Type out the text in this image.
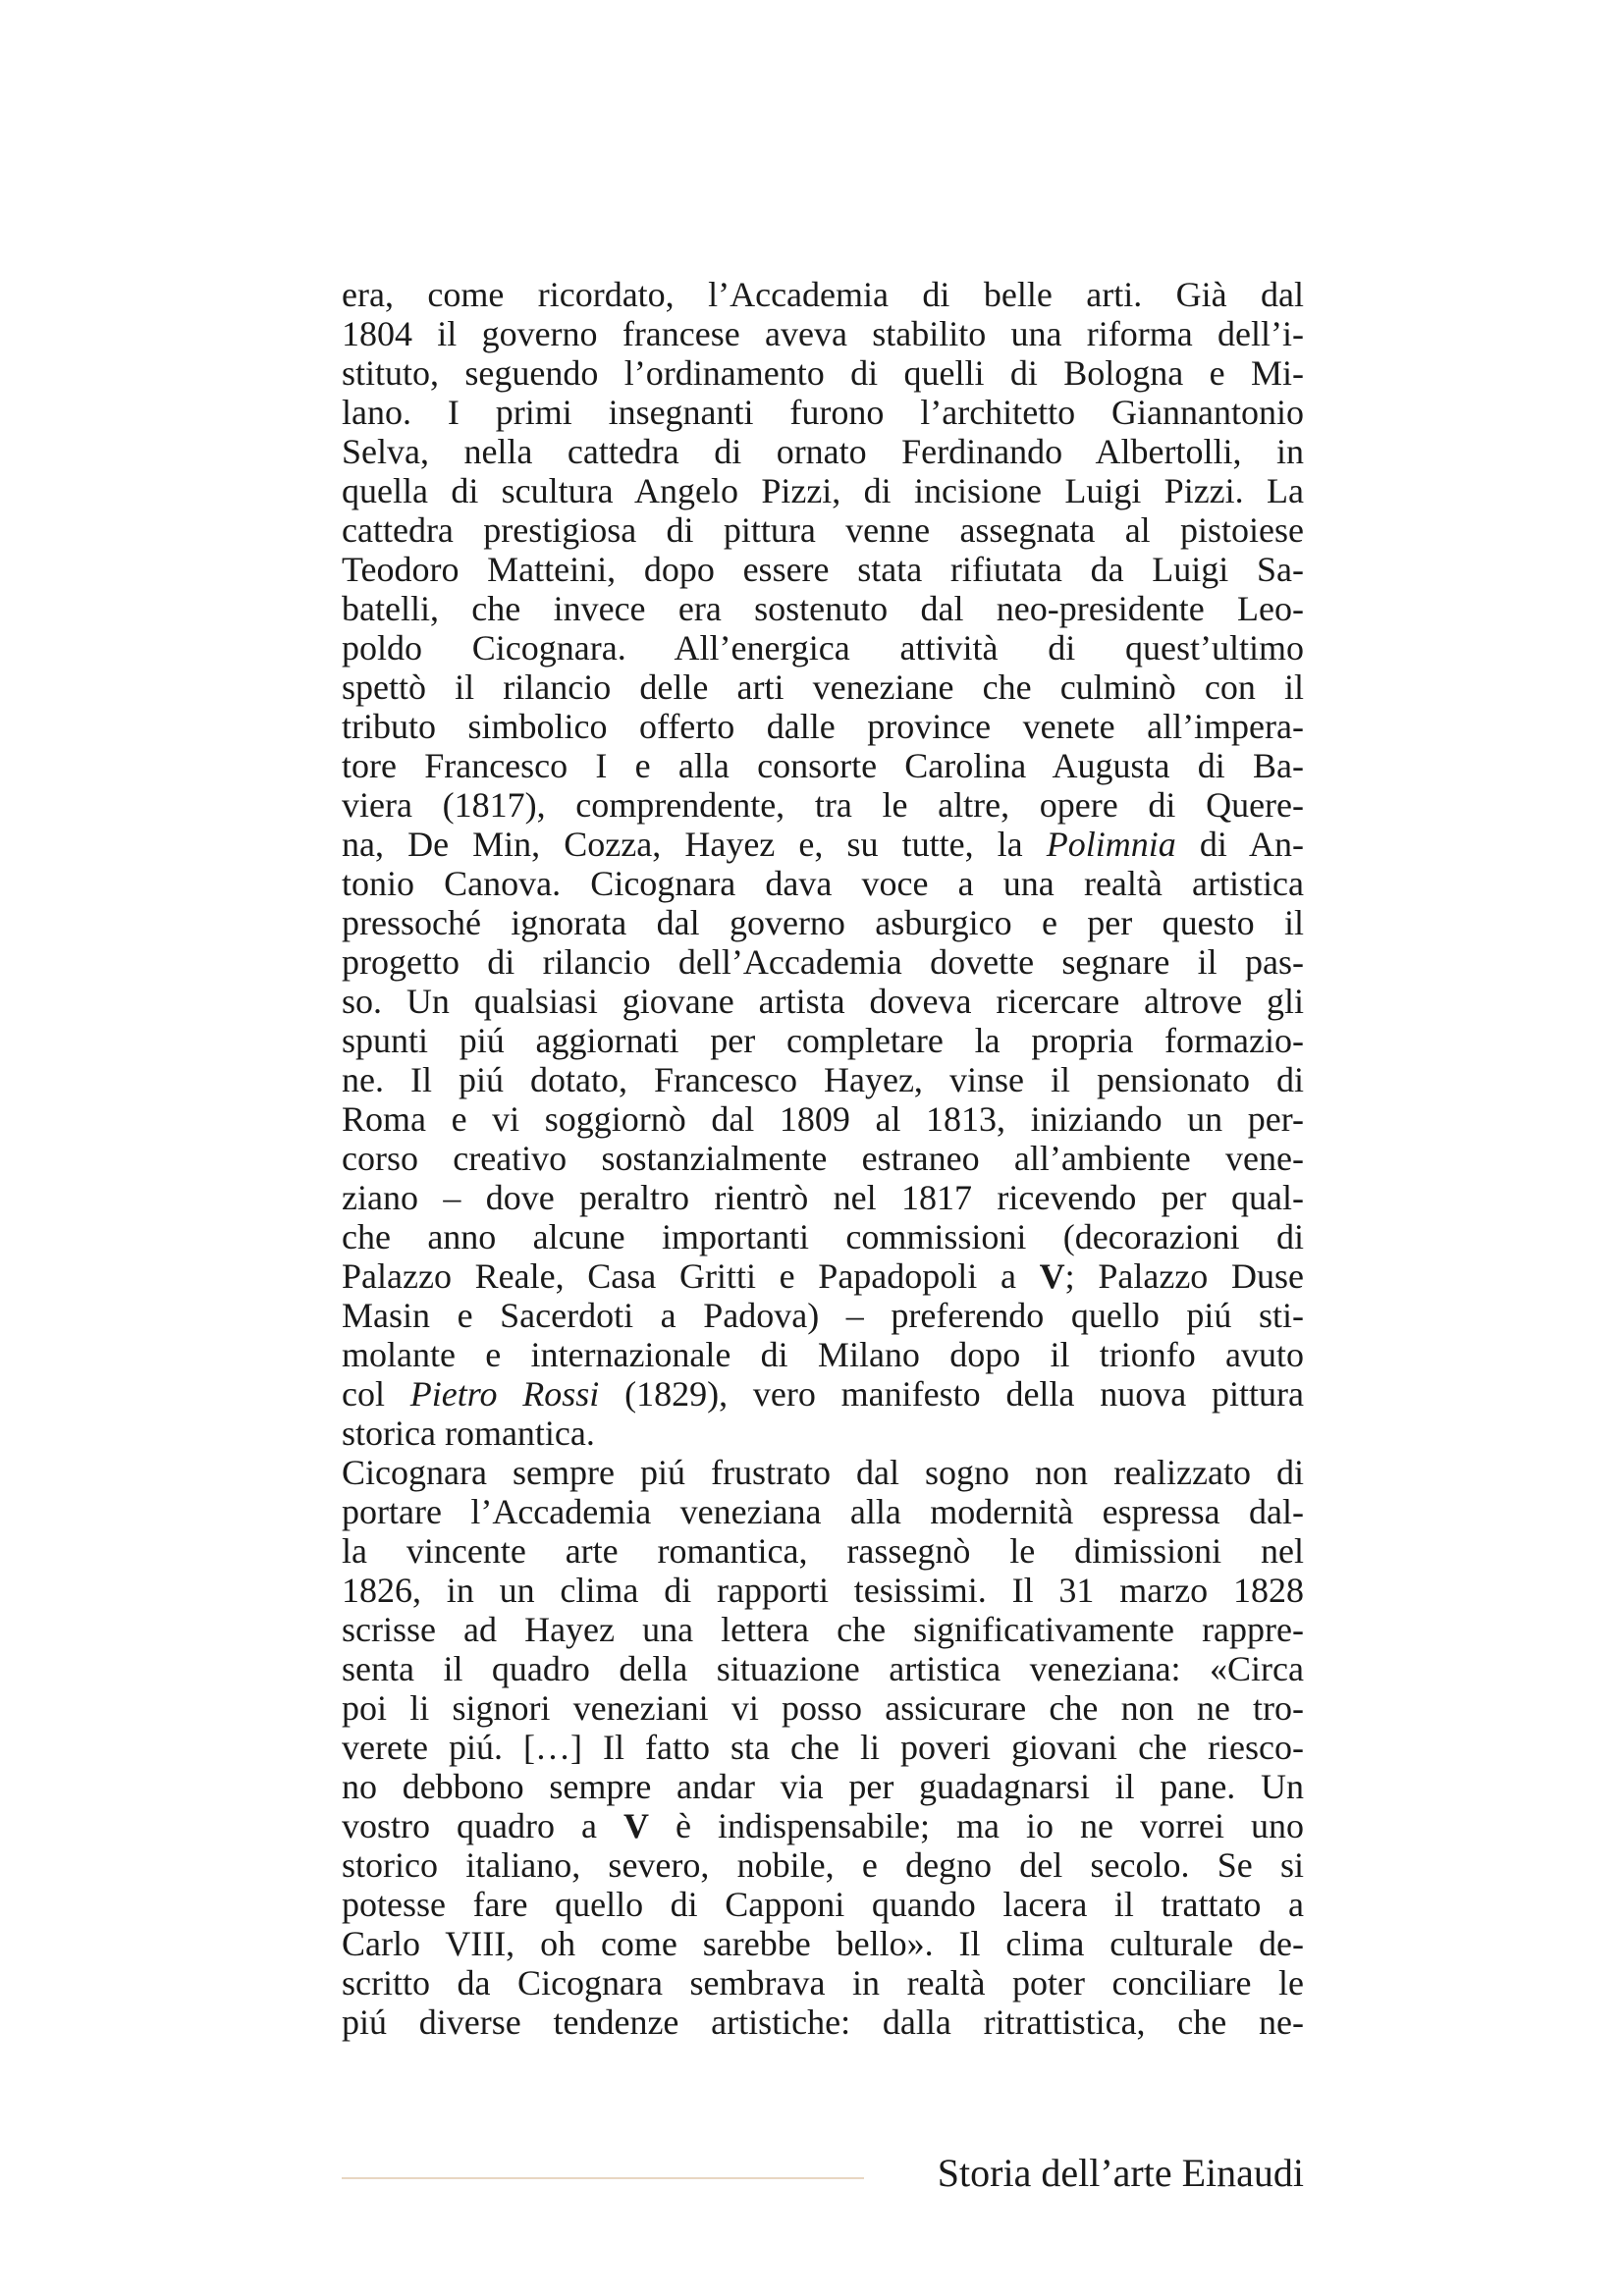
era, come ricordato, l’Accademia di belle arti. Già dal
1804 il governo francese aveva stabilito una riforma dell’i-
stituto, seguendo l’ordinamento di quelli di Bologna e Mi-
lano. I primi insegnanti furono l’architetto Giannantonio
Selva, nella cattedra di ornato Ferdinando Albertolli, in
quella di scultura Angelo Pizzi, di incisione Luigi Pizzi. La
cattedra prestigiosa di pittura venne assegnata al pistoiese
Teodoro Matteini, dopo essere stata rifiutata da Luigi Sa-
batelli, che invece era sostenuto dal neo-presidente Leo-
poldo Cicognara. All’energica attività di quest’ultimo
spettò il rilancio delle arti veneziane che culminò con il
tributo simbolico offerto dalle province venete all’impera-
tore Francesco I e alla consorte Carolina Augusta di Ba-
viera (1817), comprendente, tra le altre, opere di Quere-
na, De Min, Cozza, Hayez e, su tutte, la Polimnia di An-
tonio Canova. Cicognara dava voce a una realtà artistica
pressoché ignorata dal governo asburgico e per questo il
progetto di rilancio dell’Accademia dovette segnare il pas-
so. Un qualsiasi giovane artista doveva ricercare altrove gli
spunti piú aggiornati per completare la propria formazio-
ne. Il piú dotato, Francesco Hayez, vinse il pensionato di
Roma e vi soggiornò dal 1809 al 1813, iniziando un per-
corso creativo sostanzialmente estraneo all’ambiente vene-
ziano – dove peraltro rientrò nel 1817 ricevendo per qual-
che anno alcune importanti commissioni (decorazioni di
Palazzo Reale, Casa Gritti e Papadopoli a V; Palazzo Duse
Masin e Sacerdoti a Padova) – preferendo quello piú sti-
molante e internazionale di Milano dopo il trionfo avuto
col Pietro Rossi (1829), vero manifesto della nuova pittura
storica romantica.
Cicognara sempre piú frustrato dal sogno non realizzato di
portare l’Accademia veneziana alla modernità espressa dal-
la vincente arte romantica, rassegnò le dimissioni nel
1826, in un clima di rapporti tesissimi. Il 31 marzo 1828
scrisse ad Hayez una lettera che significativamente rappre-
senta il quadro della situazione artistica veneziana: «Circa
poi li signori veneziani vi posso assicurare che non ne tro-
verete piú. […] Il fatto sta che li poveri giovani che riesco-
no debbono sempre andar via per guadagnarsi il pane. Un
vostro quadro a V è indispensabile; ma io ne vorrei uno
storico italiano, severo, nobile, e degno del secolo. Se si
potesse fare quello di Capponi quando lacera il trattato a
Carlo VIII, oh come sarebbe bello». Il clima culturale de-
scritto da Cicognara sembrava in realtà poter conciliare le
piú diverse tendenze artistiche: dalla ritrattistica, che ne-
Storia dell’arte Einaudi
